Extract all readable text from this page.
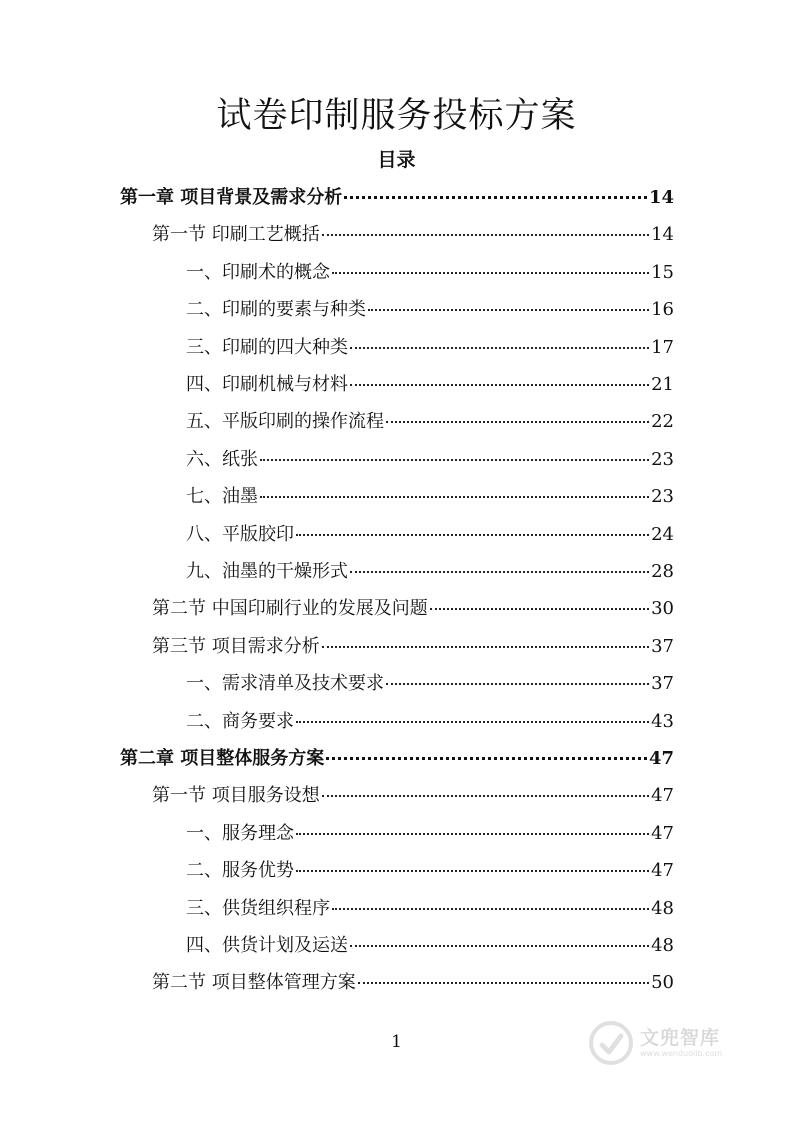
试卷印制服务投标方案
目录
第一章 项目背景及需求分析	14
第一节 印刷工艺概括	14
一、印刷术的概念	15
二、印刷的要素与种类	16
三、印刷的四大种类	17
四、印刷机械与材料	21
五、平版印刷的操作流程	22
六、纸张	23
七、油墨	23
八、平版胶印	24
九、油墨的干燥形式	28
第二节 中国印刷行业的发展及问题	30
第三节 项目需求分析	37
一、需求清单及技术要求	37
二、商务要求	43
第二章 项目整体服务方案	47
第一节 项目服务设想	47
一、服务理念	47
二、服务优势	47
三、供货组织程序	48
四、供货计划及运送	48
第二节 项目整体管理方案	50
1	文兜智库
www.wenduolib.com
